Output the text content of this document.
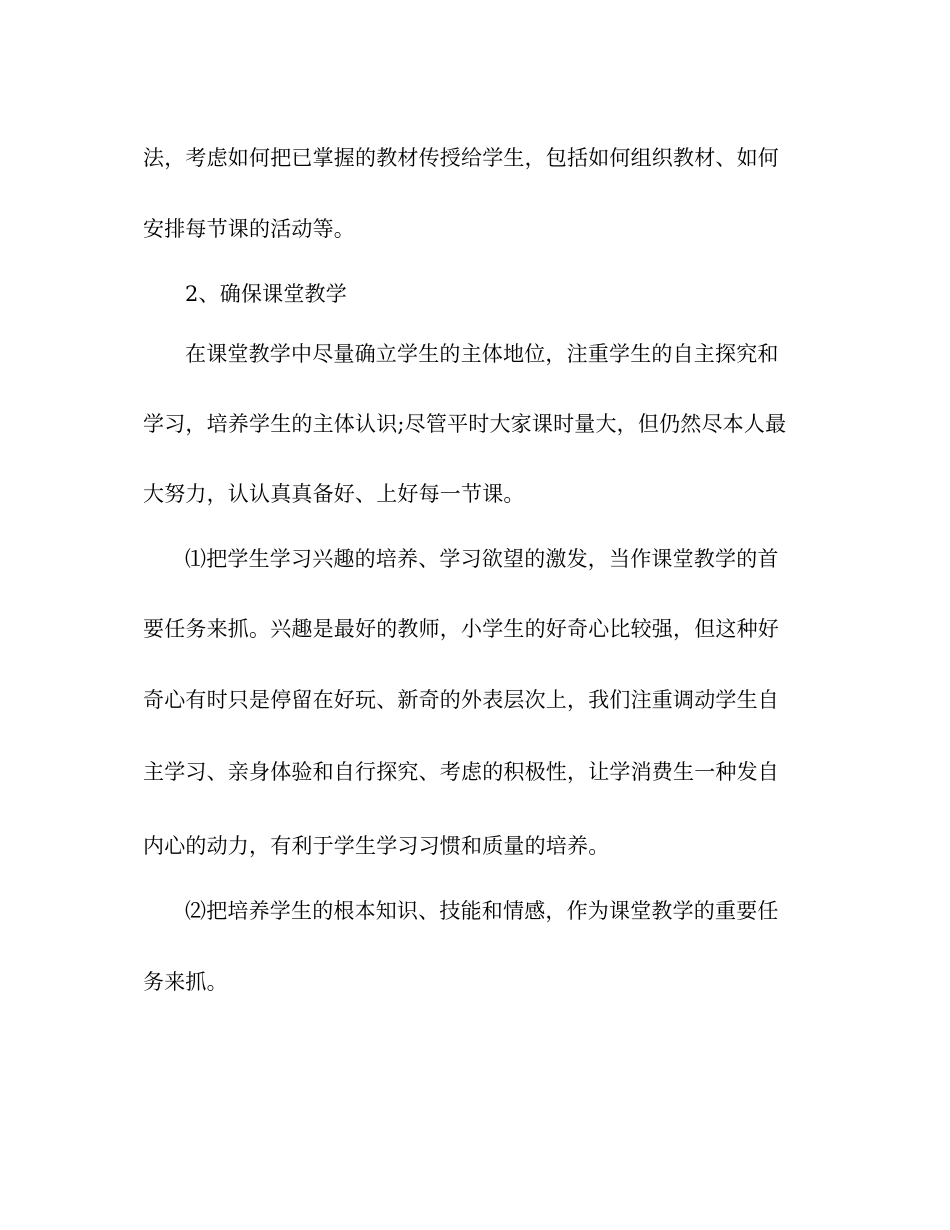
法，考虑如何把已掌握的教材传授给学生，包括如何组织教材、如何
安排每节课的活动等。
2、确保课堂教学
在课堂教学中尽量确立学生的主体地位，注重学生的自主探究和
学习，培养学生的主体认识;尽管平时大家课时量大，但仍然尽本人最
大努力，认认真真备好、上好每一节课。
⑴把学生学习兴趣的培养、学习欲望的激发，当作课堂教学的首
要任务来抓。兴趣是最好的教师，小学生的好奇心比较强，但这种好
奇心有时只是停留在好玩、新奇的外表层次上，我们注重调动学生自
主学习、亲身体验和自行探究、考虑的积极性，让学消费生一种发自
内心的动力，有利于学生学习习惯和质量的培养。
⑵把培养学生的根本知识、技能和情感，作为课堂教学的重要任
务来抓。
